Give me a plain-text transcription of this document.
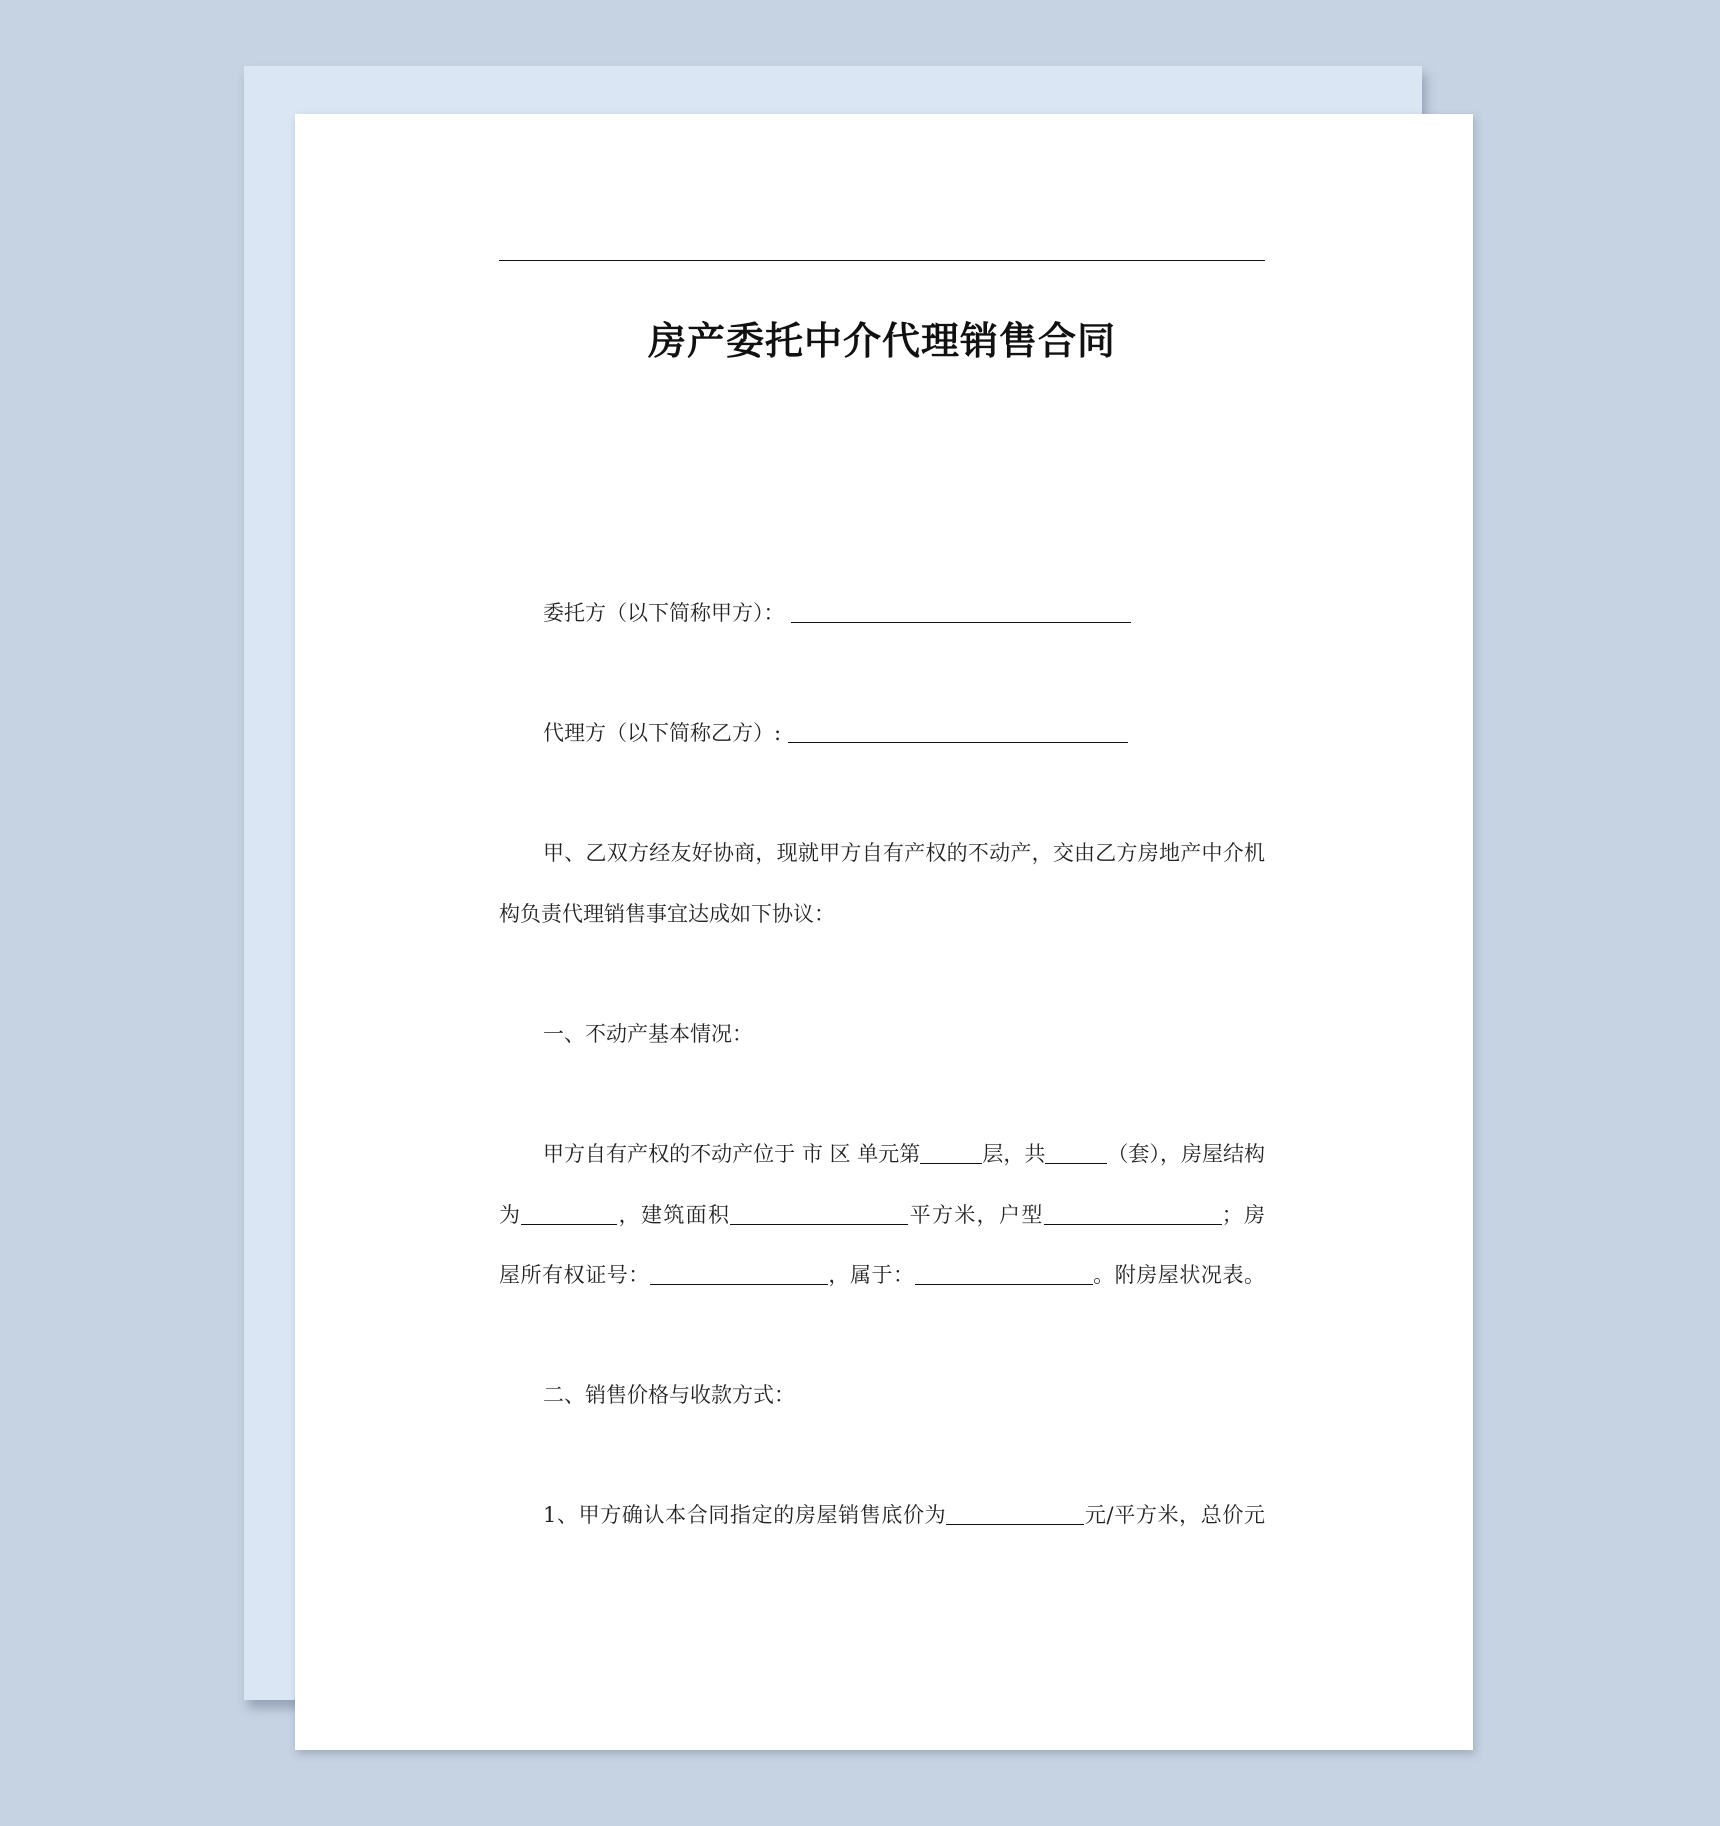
房产委托中介代理销售合同
委托方（以下简称甲方）：
代理方（以下简称乙方）:
甲、乙双方经友好协商，现就甲方自有产权的不动产，交由乙方房地产中介机
构负责代理销售事宜达成如下协议：
一、不动产基本情况：
甲方自有产权的不动产位于 市 区 单元第	层，共	（套），房屋结构
为	，建筑面积	平方米，户型	；房
屋所有权证号：	，属于：	。附房屋状况表。
二、销售价格与收款方式：
1、甲方确认本合同指定的房屋销售底价为	元/平方米，总价元
